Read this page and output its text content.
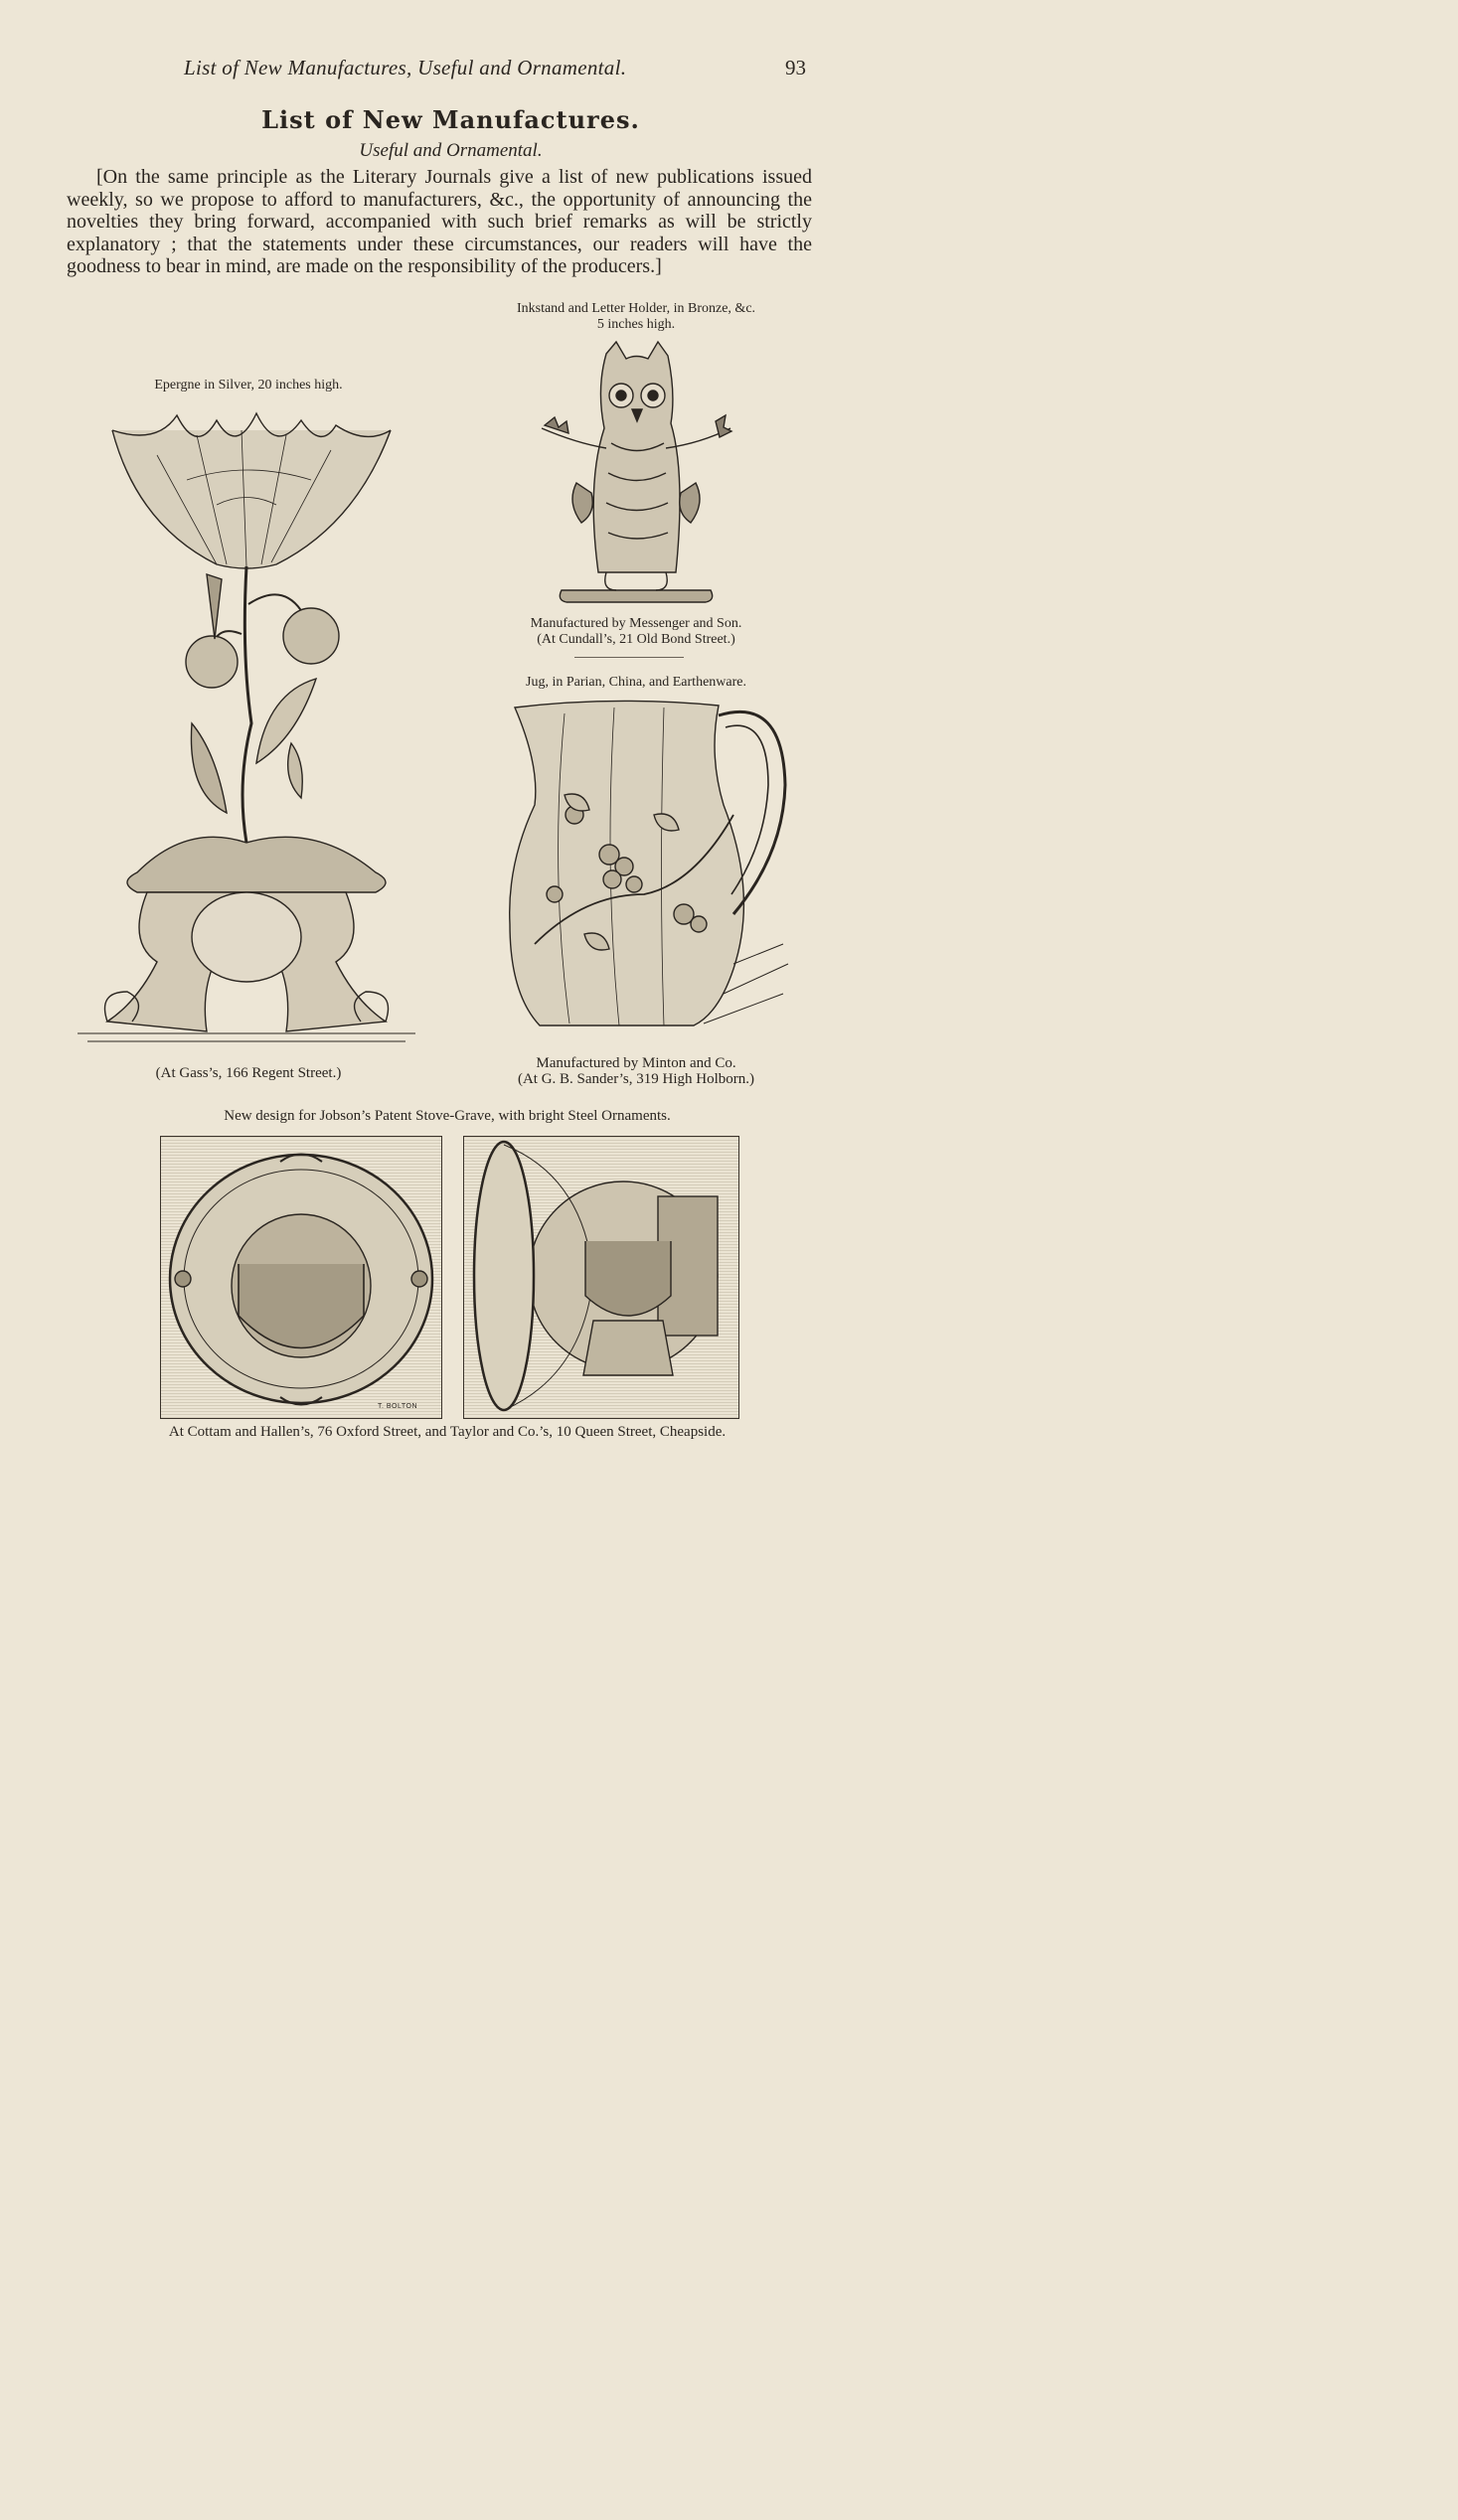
List of New Manufactures, Useful and Ornamental.	93
List of New Manufactures.
Useful and Ornamental.
[On the same principle as the Literary Journals give a list of new publications issued weekly, so we propose to afford to manufacturers, &c., the opportunity of announcing the novelties they bring forward, accompanied with such brief remarks as will be strictly explanatory ; that the statements under these circumstances, our readers will have the goodness to bear in mind, are made on the responsibility of the producers.]
Inkstand and Letter Holder, in Bronze, &c.
5 inches high.
Manufactured by Messenger and Son.
(At Cundall’s, 21 Old Bond Street.)
Epergne in Silver, 20 inches high.
(At Gass’s, 166 Regent Street.)
Jug, in Parian, China, and Earthenware.
Manufactured by Minton and Co.
(At G. B. Sander’s, 319 High Holborn.)
New design for Jobson’s Patent Stove-Grave, with bright Steel Ornaments.
T. BOLTON
At Cottam and Hallen’s, 76 Oxford Street, and Taylor and Co.’s, 10 Queen Street, Cheapside.
